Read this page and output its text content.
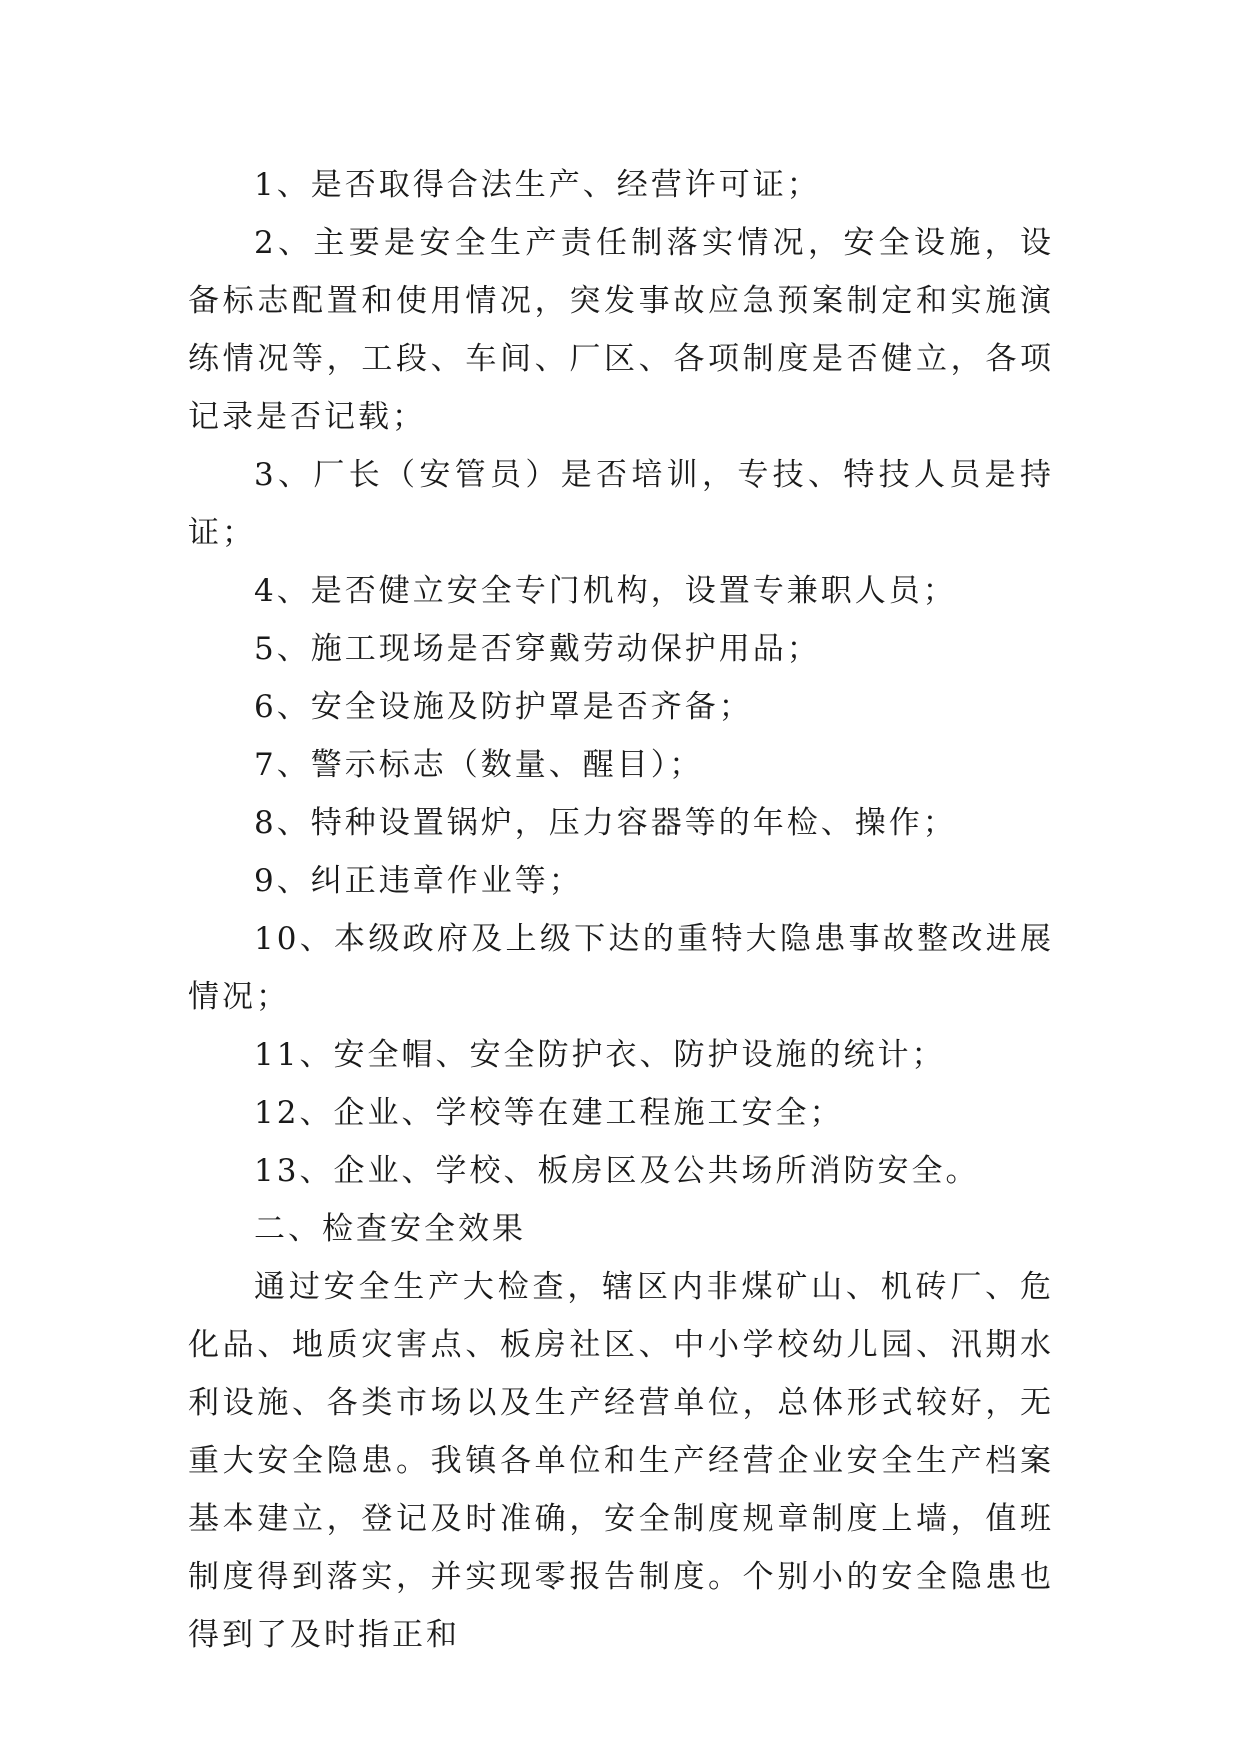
1、是否取得合法生产、经营许可证；

2、主要是安全生产责任制落实情况，安全设施，设备标志配置和使用情况，突发事故应急预案制定和实施演练情况等，工段、车间、厂区、各项制度是否健立，各项记录是否记载；

3、厂长（安管员）是否培训，专技、特技人员是持证；

4、是否健立安全专门机构，设置专兼职人员；

5、施工现场是否穿戴劳动保护用品；

6、安全设施及防护罩是否齐备；

7、警示标志（数量、醒目）；

8、特种设置锅炉，压力容器等的年检、操作；

9、纠正违章作业等；

10、本级政府及上级下达的重特大隐患事故整改进展情况；

11、安全帽、安全防护衣、防护设施的统计；

12、企业、学校等在建工程施工安全；

13、企业、学校、板房区及公共场所消防安全。

二、检查安全效果

通过安全生产大检查，辖区内非煤矿山、机砖厂、危化品、地质灾害点、板房社区、中小学校幼儿园、汛期水利设施、各类市场以及生产经营单位，总体形式较好，无重大安全隐患。我镇各单位和生产经营企业安全生产档案基本建立，登记及时准确，安全制度规章制度上墙，值班制度得到落实，并实现零报告制度。个别小的安全隐患也得到了及时指正和
